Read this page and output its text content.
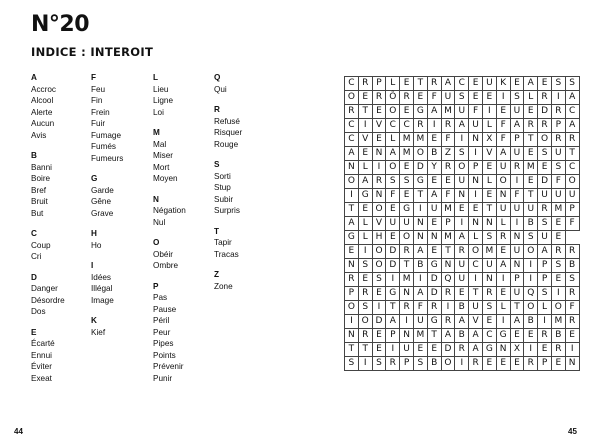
N°20
INDICE : INTEROIT
A
Accroc
Alcool
Alerte
Aucun
Avis
B
Banni
Boire
Bref
Bruit
But
C
Coup
Cri
D
Danger
Désordre
Dos
E
Écarté
Ennui
Éviter
Exeat
F
Feu
Fin
Frein
Fuir
Fumage
Fumés
Fumeurs
G
Garde
Gêne
Grave
H
Ho
I
Idées
Illégal
Image
K
Kief
L
Lieu
Ligne
Loi
M
Mal
Miser
Mort
Moyen
N
Négation
Nul
O
Obéir
Ombre
P
Pas
Pause
Péril
Peur
Pipes
Points
Prévenir
Punir
Q
Qui
R
Refusé
Risquer
Rouge
S
Sorti
Stup
Subir
Surpris
T
Tapir
Tracas
Z
Zone
C	R	P	L	E	T	R	A	C	E	U	K	E	A	E	S	S
O	E	R	Ô	R	E	F	U	S	E	E	I	S	L	R	I	A
R	T	E	O	E	G	A	M	U	F	I	E	U	E	D	R	C
C	I	V	C	C	R	I	R	A	U	L	F	A	R	R	P	A
C	V	E	L	M	M	E	F	I	N	X	F	P	T	O	R	R
A	E	N	A	M	O	B	Z	S	I	V	A	U	E	S	U	T
N	L	I	O	E	D	Y	R	O	P	E	U	R	M	E	S	C
O	A	R	S	S	G	E	E	U	N	L	O	I	E	D	F	O
I	G	N	F	E	T	A	F	N	I	E	N	F	T	U	U	U
T	E	O	E	G	I	U	M	E	E	T	U	U	U	R	M	P
A	L	V	U	U	N	E	P	I	N	N	L	I	B	S	E	F
G	L	H	E	O	N	N	M	A	L	S	R	N	S	U	E	
E	I	O	D	R	A	E	T	R	O	M	E	U	O	A	R	R
N	S	O	D	T	B	G	N	U	C	U	A	N	I	P	S	B
R	E	S	I	M	I	D	Q	U	I	N	I	P	I	P	E	S
P	R	E	G	N	A	D	R	E	T	R	E	U	Q	S	I	R
O	S	I	T	R	F	R	I	B	U	S	L	T	O	L	O	F
I	O	D	A	I	U	G	R	A	V	E	I	A	B	I	M	R
N	R	E	P	N	M	T	A	B	A	C	G	E	E	R	B	E
T	T	E	I	U	E	E	D	R	A	G	N	X	I	E	R	I
S	I	S	R	P	S	B	O	I	R	E	E	E	R	P	E	N
44	45
